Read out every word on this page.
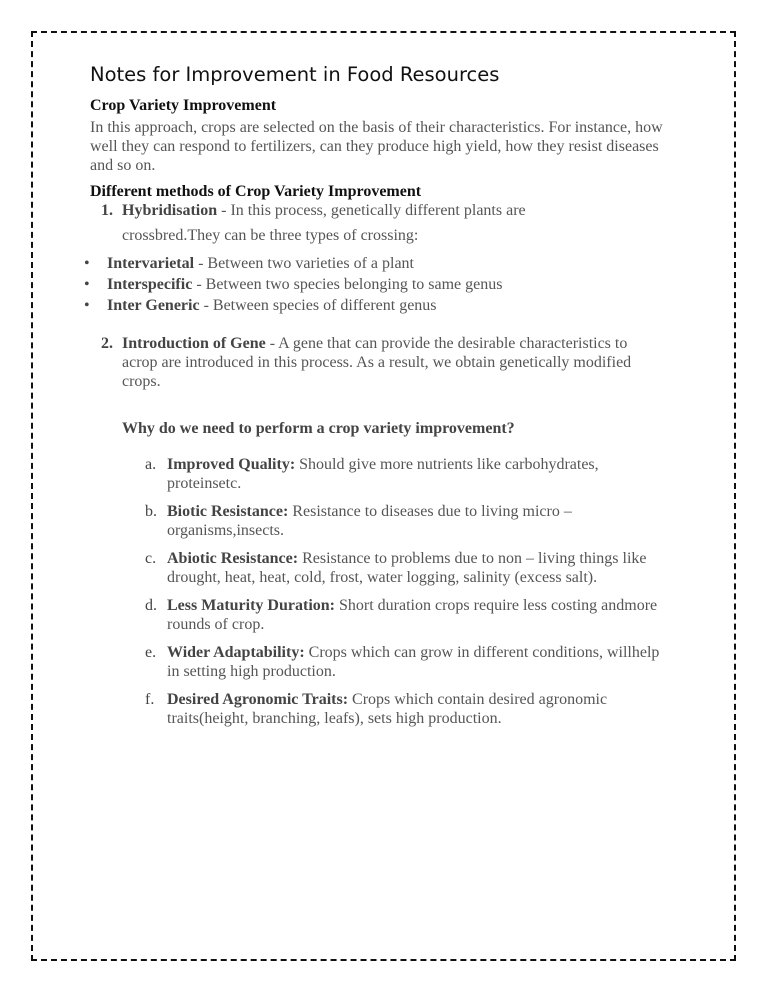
Notes for Improvement in Food Resources
Crop Variety Improvement

In this approach, crops are selected on the basis of their characteristics. For instance, how well they can respond to fertilizers, can they produce high yield, how they resist diseases and so on.

Different methods of Crop Variety Improvement
1. Hybridisation - In this process, genetically different plants are
crossbred.They can be three types of crossing:
• Intervarietal - Between two varieties of a plant
• Interspecific - Between two species belonging to same genus
• Inter Generic - Between species of different genus
2. Introduction of Gene - A gene that can provide the desirable characteristics to acrop are introduced in this process. As a result, we obtain genetically modified crops.
Why do we need to perform a crop variety improvement?
a. Improved Quality: Should give more nutrients like carbohydrates, proteinsetc.
b. Biotic Resistance: Resistance to diseases due to living micro – organisms,insects.
c. Abiotic Resistance: Resistance to problems due to non – living things like drought, heat, heat, cold, frost, water logging, salinity (excess salt).
d. Less Maturity Duration: Short duration crops require less costing andmore rounds of crop.
e. Wider Adaptability: Crops which can grow in different conditions, willhelp in setting high production.
f. Desired Agronomic Traits: Crops which contain desired agronomic traits(height, branching, leafs), sets high production.
